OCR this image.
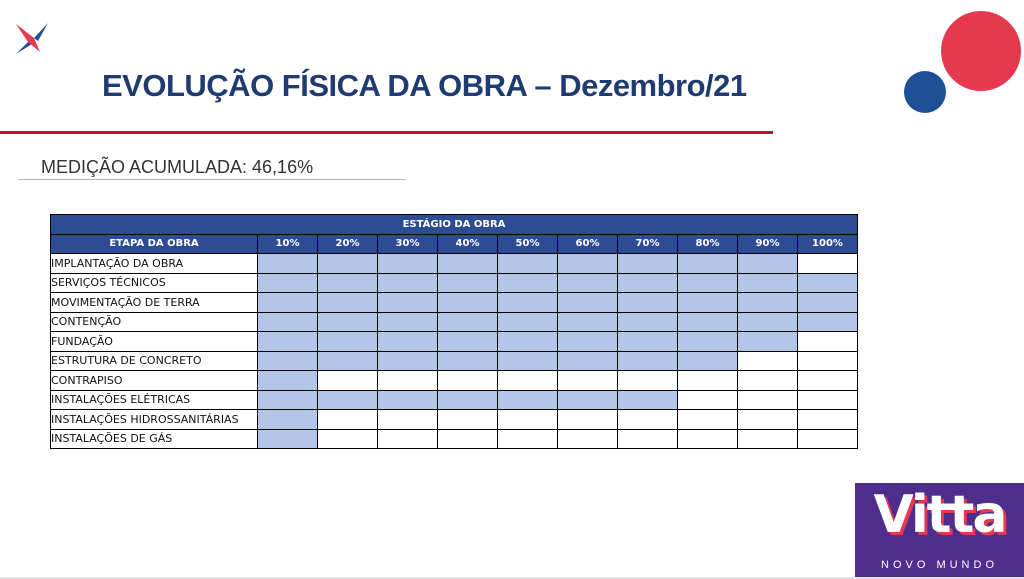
EVOLUÇÃO FÍSICA DA OBRA – Dezembro/21
MEDIÇÃO ACUMULADA: 46,16%
ESTÁGIO DA OBRA										
ETAPA DA OBRA	10%	20%	30%	40%	50%	60%	70%	80%	90%	100%
IMPLANTAÇÃO DA OBRA										
SERVIÇOS TÉCNICOS										
MOVIMENTAÇÃO DE TERRA										
CONTENÇÃO										
FUNDAÇÃO										
ESTRUTURA DE CONCRETO										
CONTRAPISO										
INSTALAÇÕES ELÉTRICAS										
INSTALAÇÕES HIDROSSANITÁRIAS										
INSTALAÇÕES DE GÁS										
Vitta
NOVO MUNDO
